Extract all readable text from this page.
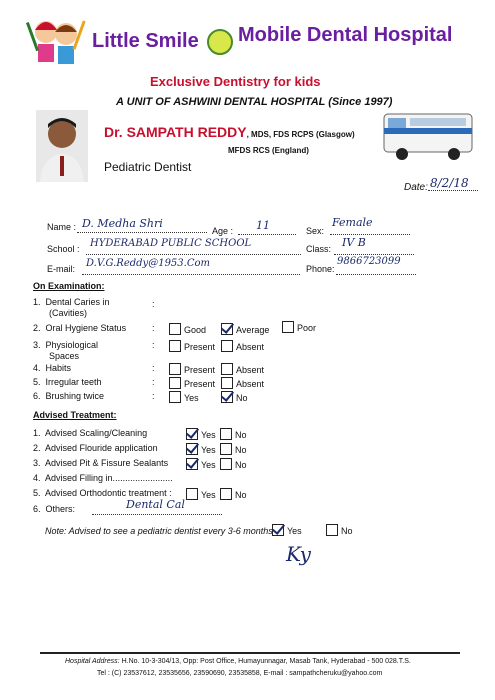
Little Smile Mobile Dental Hospital
Exclusive Dentistry for kids
A UNIT OF ASHWINI DENTAL HOSPITAL (Since 1997)
Dr. SAMPATH REDDY, MDS, FDS RCPS (Glasgow)
MFDS RCS (England)
Pediatric Dentist
Date: 8/2/18
Name : D. Medha Shri
Age : 11	Sex:
Female
School : HYDERABAD PUBLIC SCHOOL	Class: IV B
E-mail: D.V.G.Reddy@1953.Com	Phone:
9866723099
On Examination:
1. Dental Caries in
(Cavities)
:
2. Oral Hygiene Status	:	Good	Average	Poor
3. Physiological
Spaces
:	Present	Absent
4. Habits	:	Present	Absent
5. Irregular teeth	:	Present	Absent
6. Brushing twice	:	Yes	No
Advised Treatment:
1. Advised Scaling/Cleaning	Yes	No
2. Advised Flouride application	Yes	No
3. Advised Pit & Fissure Sealants	Yes	No
4. Advised Filling in........................
5. Advised Orthodontic treatment :	Yes	No
6. Others:	Dental Cal
Note: Advised to see a pediatric dentist every 3-6 months	Yes	No
Ky
Hospital Address: H.No. 10-3-304/13, Opp: Post Office, Humayunnagar, Masab Tank, Hyderabad - 500 028.T.S.
Tel : (C) 23537612, 23535656, 23590690, 23535858, E-mail : sampathcheruku@yahoo.com
